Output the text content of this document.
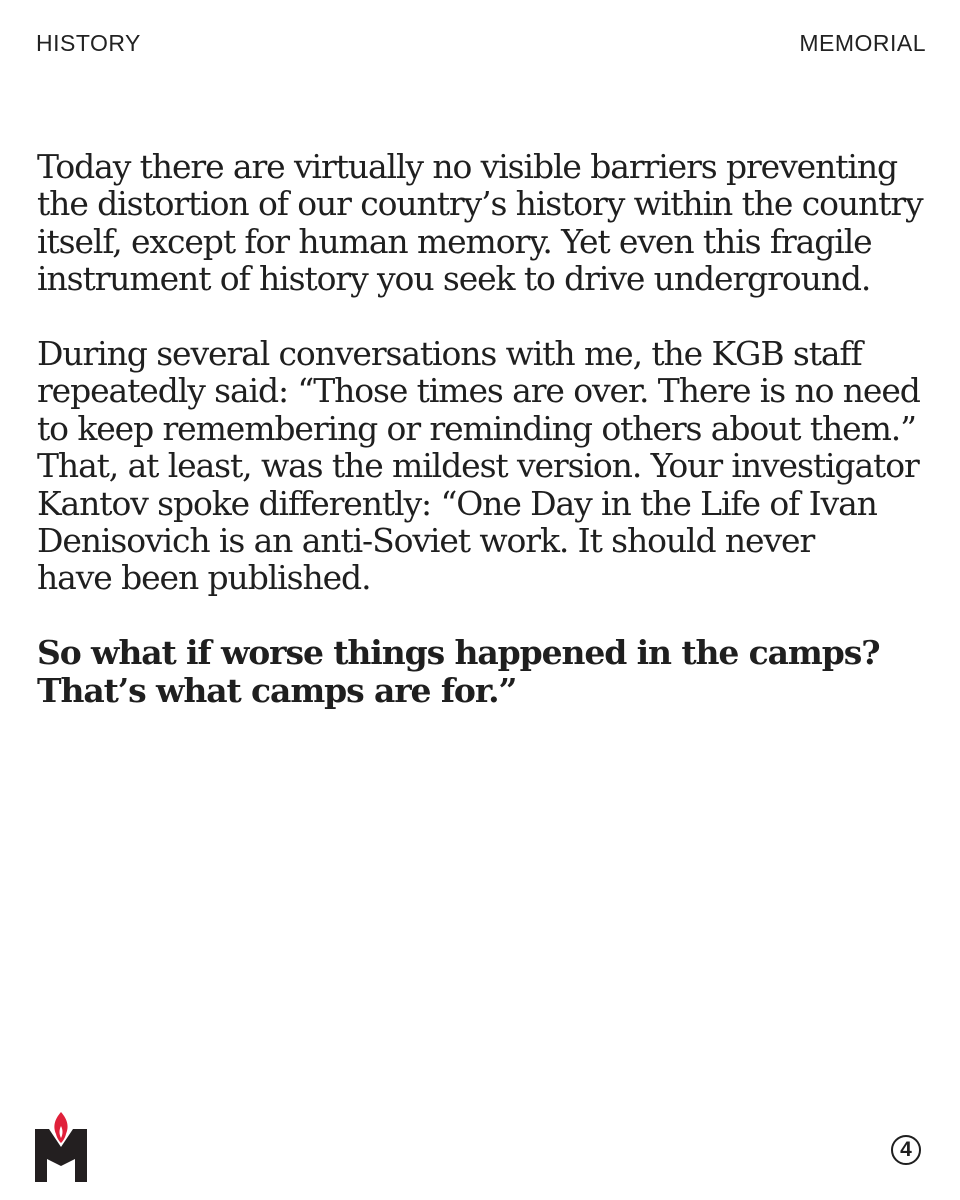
HISTORY	MEMORIAL

Today there are virtually no visible barriers preventing
the distortion of our country’s history within the country
itself, except for human memory. Yet even this fragile
instrument of history you seek to drive underground.

During several conversations with me, the KGB staff
repeatedly said: “Those times are over. There is no need
to keep remembering or reminding others about them.”
That, at least, was the mildest version. Your investigator
Kantov spoke differently: “One Day in the Life of Ivan
Denisovich is an anti-Soviet work. It should never
have been published.

So what if worse things happened in the camps?
That’s what camps are for.”

4
